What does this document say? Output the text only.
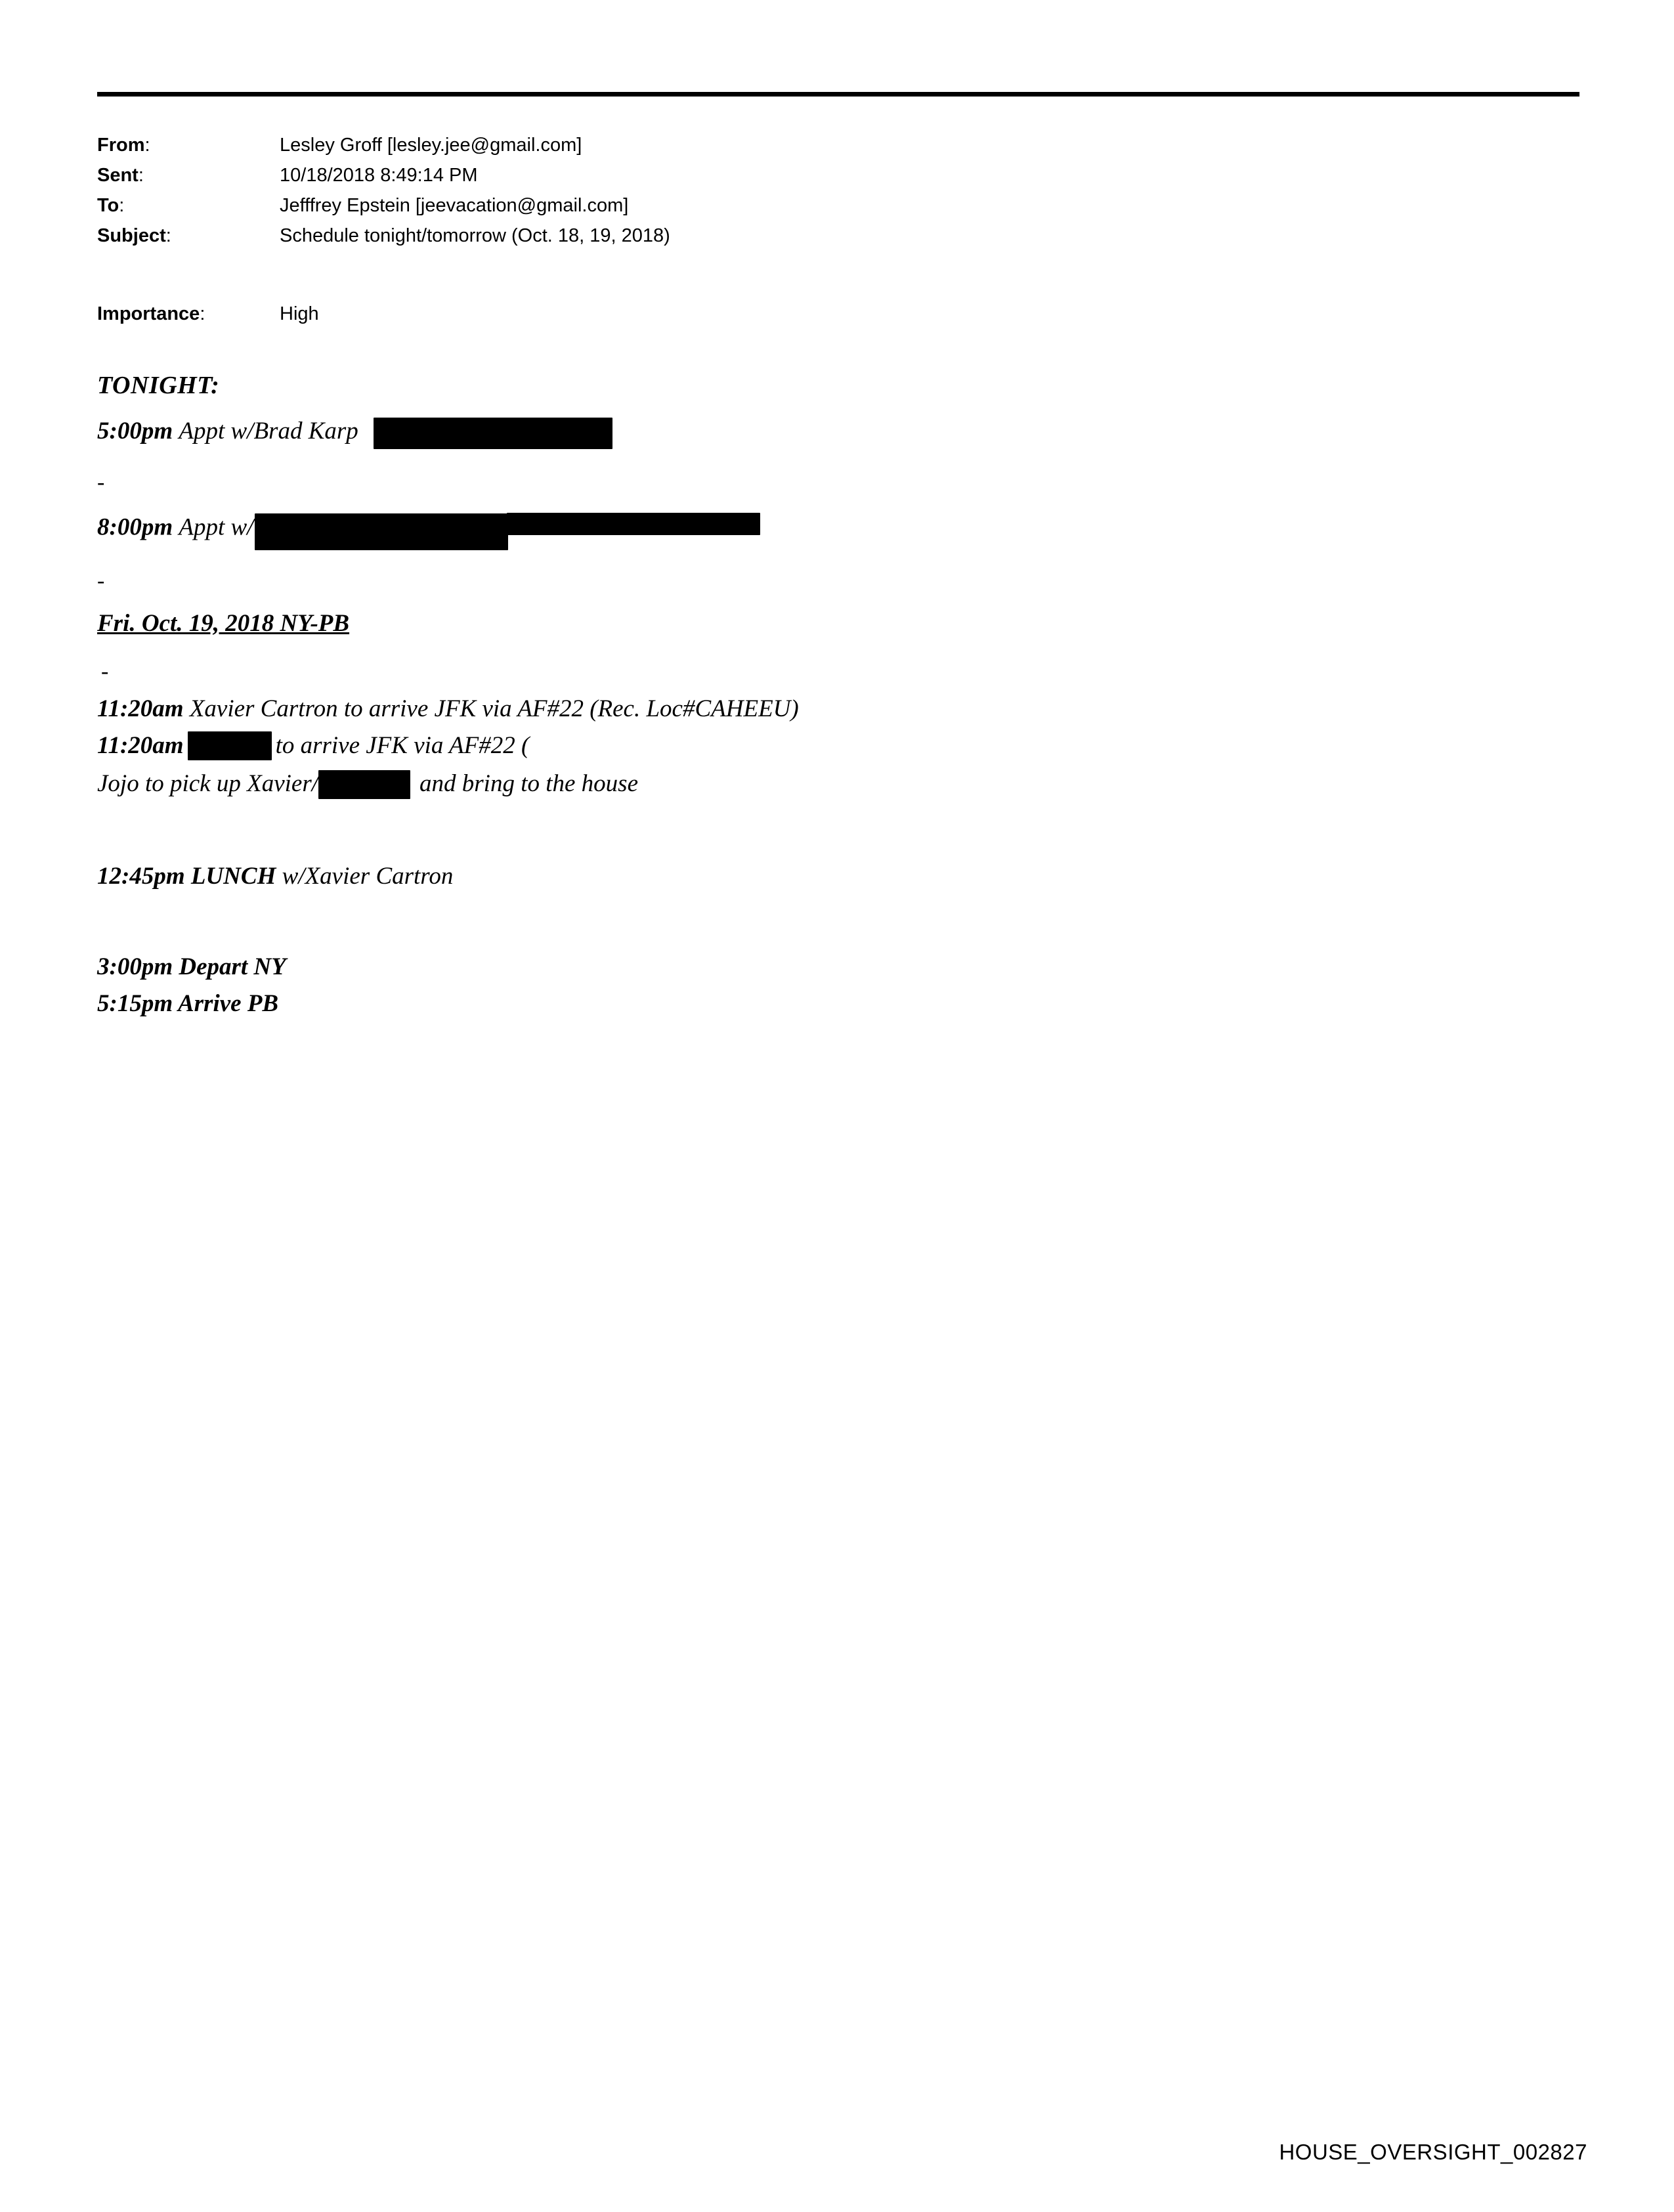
From:	Lesley Groff [lesley.jee@gmail.com]
Sent:	10/18/2018 8:49:14 PM
To:	Jefffrey Epstein [jeevacation@gmail.com]
Subject:	Schedule tonight/tomorrow (Oct. 18, 19, 2018)
Importance:	High
TONIGHT:
5:00pm Appt w/Brad Karp
-
8:00pm Appt w/
-
Fri. Oct. 19, 2018 NY-PB
-
11:20am Xavier Cartron to arrive JFK via AF#22 (Rec. Loc#CAHEEU)
11:20am	to arrive JFK via AF#22 (
Jojo to pick up Xavier/	and bring to the house
12:45pm LUNCH w/Xavier Cartron
3:00pm Depart NY
5:15pm Arrive PB
HOUSE_OVERSIGHT_002827
